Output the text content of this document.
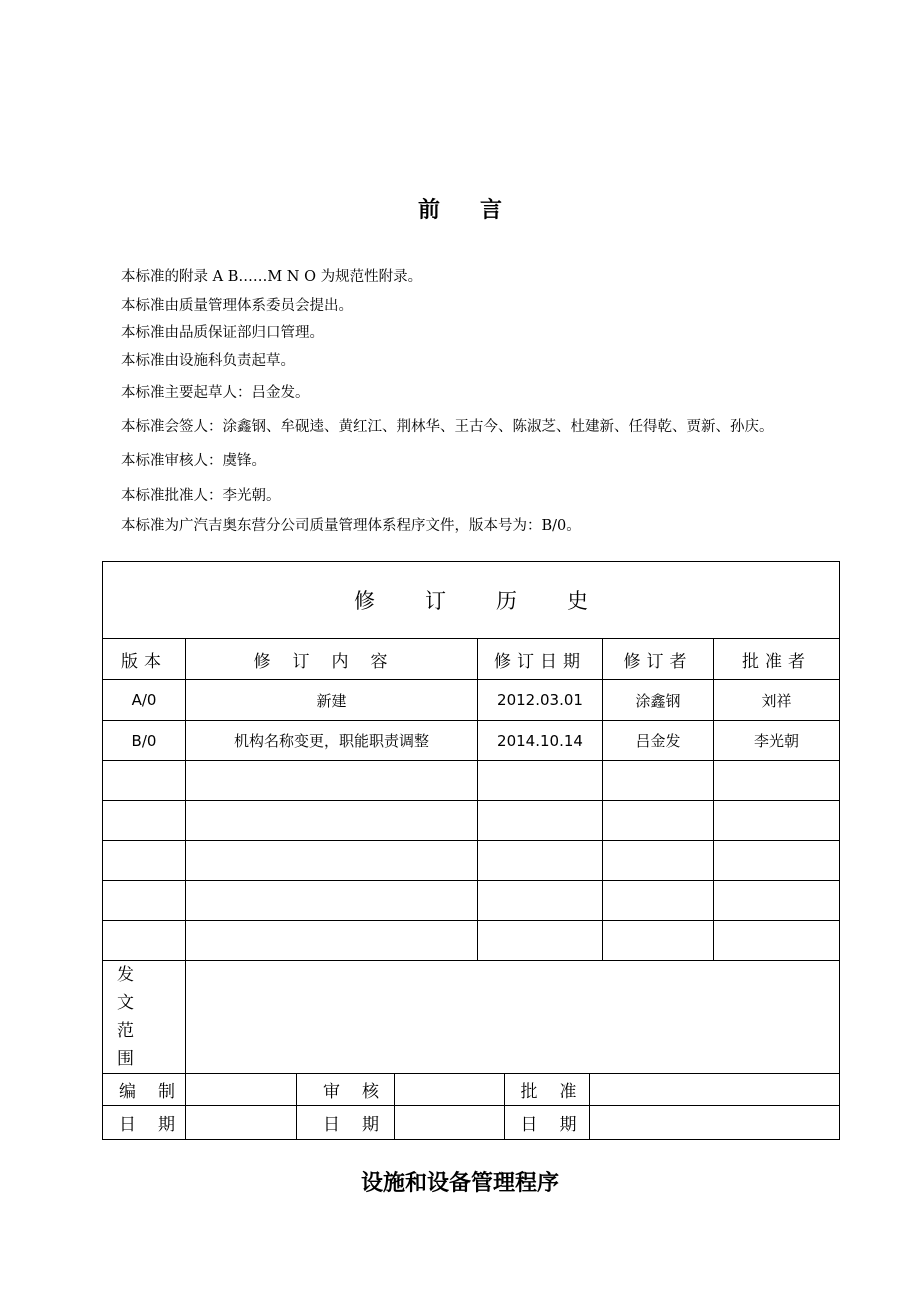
前言
本标准的附录 A B……M N O 为规范性附录。
本标准由质量管理体系委员会提出。
本标准由品质保证部归口管理。
本标准由设施科负责起草。
本标准主要起草人：吕金发。
本标准会签人：涂鑫钢、牟砚逵、黄红江、荆林华、王古今、陈淑芝、杜建新、任得乾、贾新、孙庆。
本标准审核人：虞锋。
本标准批准人：李光朝。
本标准为广汽吉奥东营分公司质量管理体系程序文件，版本号为：B/0。
修订历史
版本	修订内容	修订日期	修订者	批准者
A/0	新建	2012.03.01	涂鑫钢	刘祥
B/0	机构名称变更，职能职责调整	2014.10.14	吕金发	李光朝

发文范围	
编制			审核		批准	

日期			日期		日期	
设施和设备管理程序
